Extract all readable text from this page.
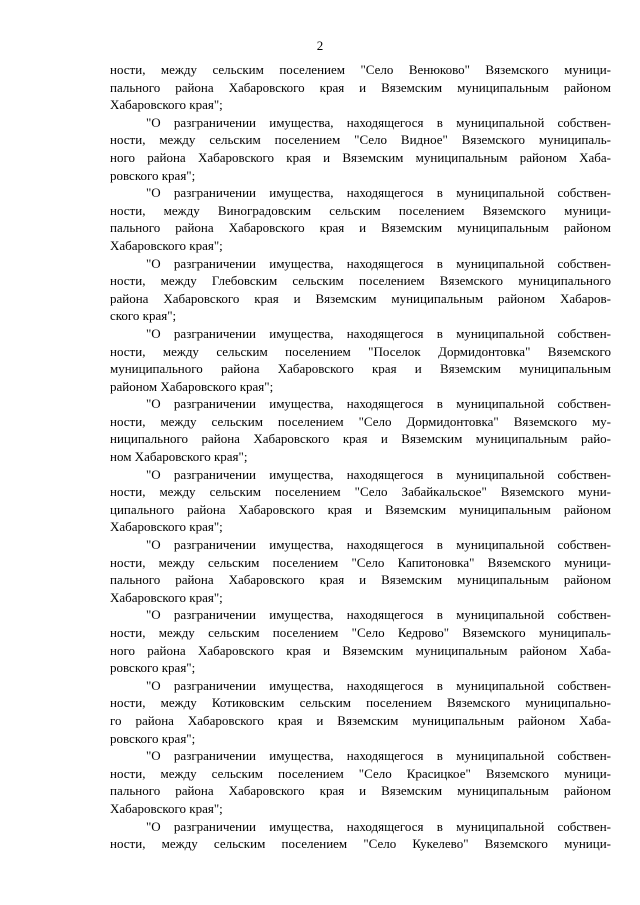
2
ности, между сельским поселением "Село Венюково" Вяземского муници-
пального района Хабаровского края и Вяземским муниципальным районом
Хабаровского края";
"О разграничении имущества, находящегося в муниципальной собствен-
ности, между сельским поселением "Село Видное" Вяземского муниципаль-
ного района Хабаровского края и Вяземским муниципальным районом Хаба-
ровского края";
"О разграничении имущества, находящегося в муниципальной собствен-
ности, между Виноградовским сельским поселением Вяземского муници-
пального района Хабаровского края и Вяземским муниципальным районом
Хабаровского края";
"О разграничении имущества, находящегося в муниципальной собствен-
ности, между Глебовским сельским поселением Вяземского муниципального
района Хабаровского края и Вяземским муниципальным районом Хабаров-
ского края";
"О разграничении имущества, находящегося в муниципальной собствен-
ности, между сельским поселением "Поселок Дормидонтовка" Вяземского
муниципального района Хабаровского края и Вяземским муниципальным
районом Хабаровского края";
"О разграничении имущества, находящегося в муниципальной собствен-
ности, между сельским поселением "Село Дормидонтовка" Вяземского му-
ниципального района Хабаровского края и Вяземским муниципальным райо-
ном Хабаровского края";
"О разграничении имущества, находящегося в муниципальной собствен-
ности, между сельским поселением "Село Забайкальское" Вяземского муни-
ципального района Хабаровского края и Вяземским муниципальным районом
Хабаровского края";
"О разграничении имущества, находящегося в муниципальной собствен-
ности, между сельским поселением "Село Капитоновка" Вяземского муници-
пального района Хабаровского края и Вяземским муниципальным районом
Хабаровского края";
"О разграничении имущества, находящегося в муниципальной собствен-
ности, между сельским поселением "Село Кедрово" Вяземского муниципаль-
ного района Хабаровского края и Вяземским муниципальным районом Хаба-
ровского края";
"О разграничении имущества, находящегося в муниципальной собствен-
ности, между Котиковским сельским поселением Вяземского муниципально-
го района Хабаровского края и Вяземским муниципальным районом Хаба-
ровского края";
"О разграничении имущества, находящегося в муниципальной собствен-
ности, между сельским поселением "Село Красицкое" Вяземского муници-
пального района Хабаровского края и Вяземским муниципальным районом
Хабаровского края";
"О разграничении имущества, находящегося в муниципальной собствен-
ности, между сельским поселением "Село Кукелево" Вяземского муници-
